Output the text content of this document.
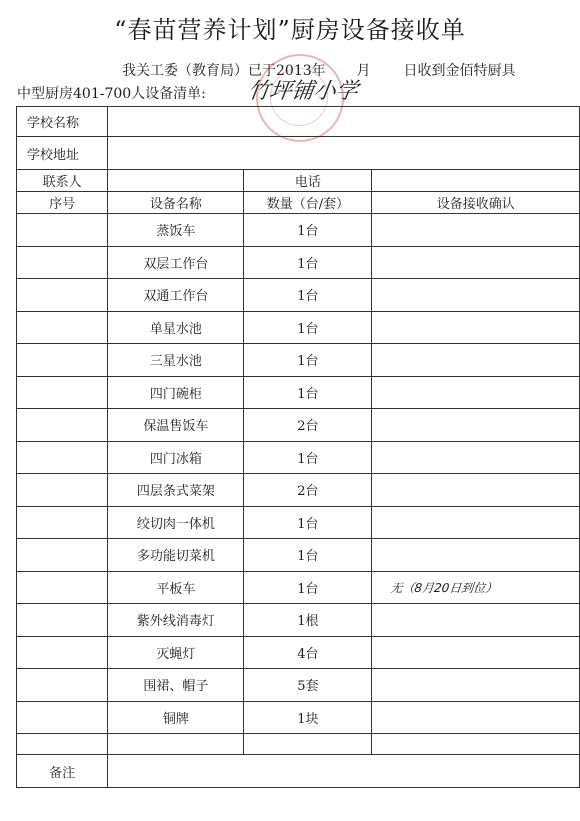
“春苗营养计划”厨房设备接收单
我关工委（教育局）已于2013年 月 日收到金佰特厨具
中型厨房401-700人设备清单: 竹坪铺小学
学校名称			
学校地址			
联系人		电话	
序号	设备名称	数量（台/套）	设备接收确认
	蒸饭车	1台	
	双层工作台	1台	
	双通工作台	1台	
	单星水池	1台	
	三星水池	1台	
	四门碗柜	1台	
	保温售饭车	2台	
	四门冰箱	1台	
	四层条式菜架	2台	
	绞切肉一体机	1台	
	多功能切菜机	1台	
	平板车	1台	无（8月20日到位）
	紫外线消毒灯	1根	
	灭蝇灯	4台	
	围裙、帽子	5套	
	铜牌	1块	

备注			
